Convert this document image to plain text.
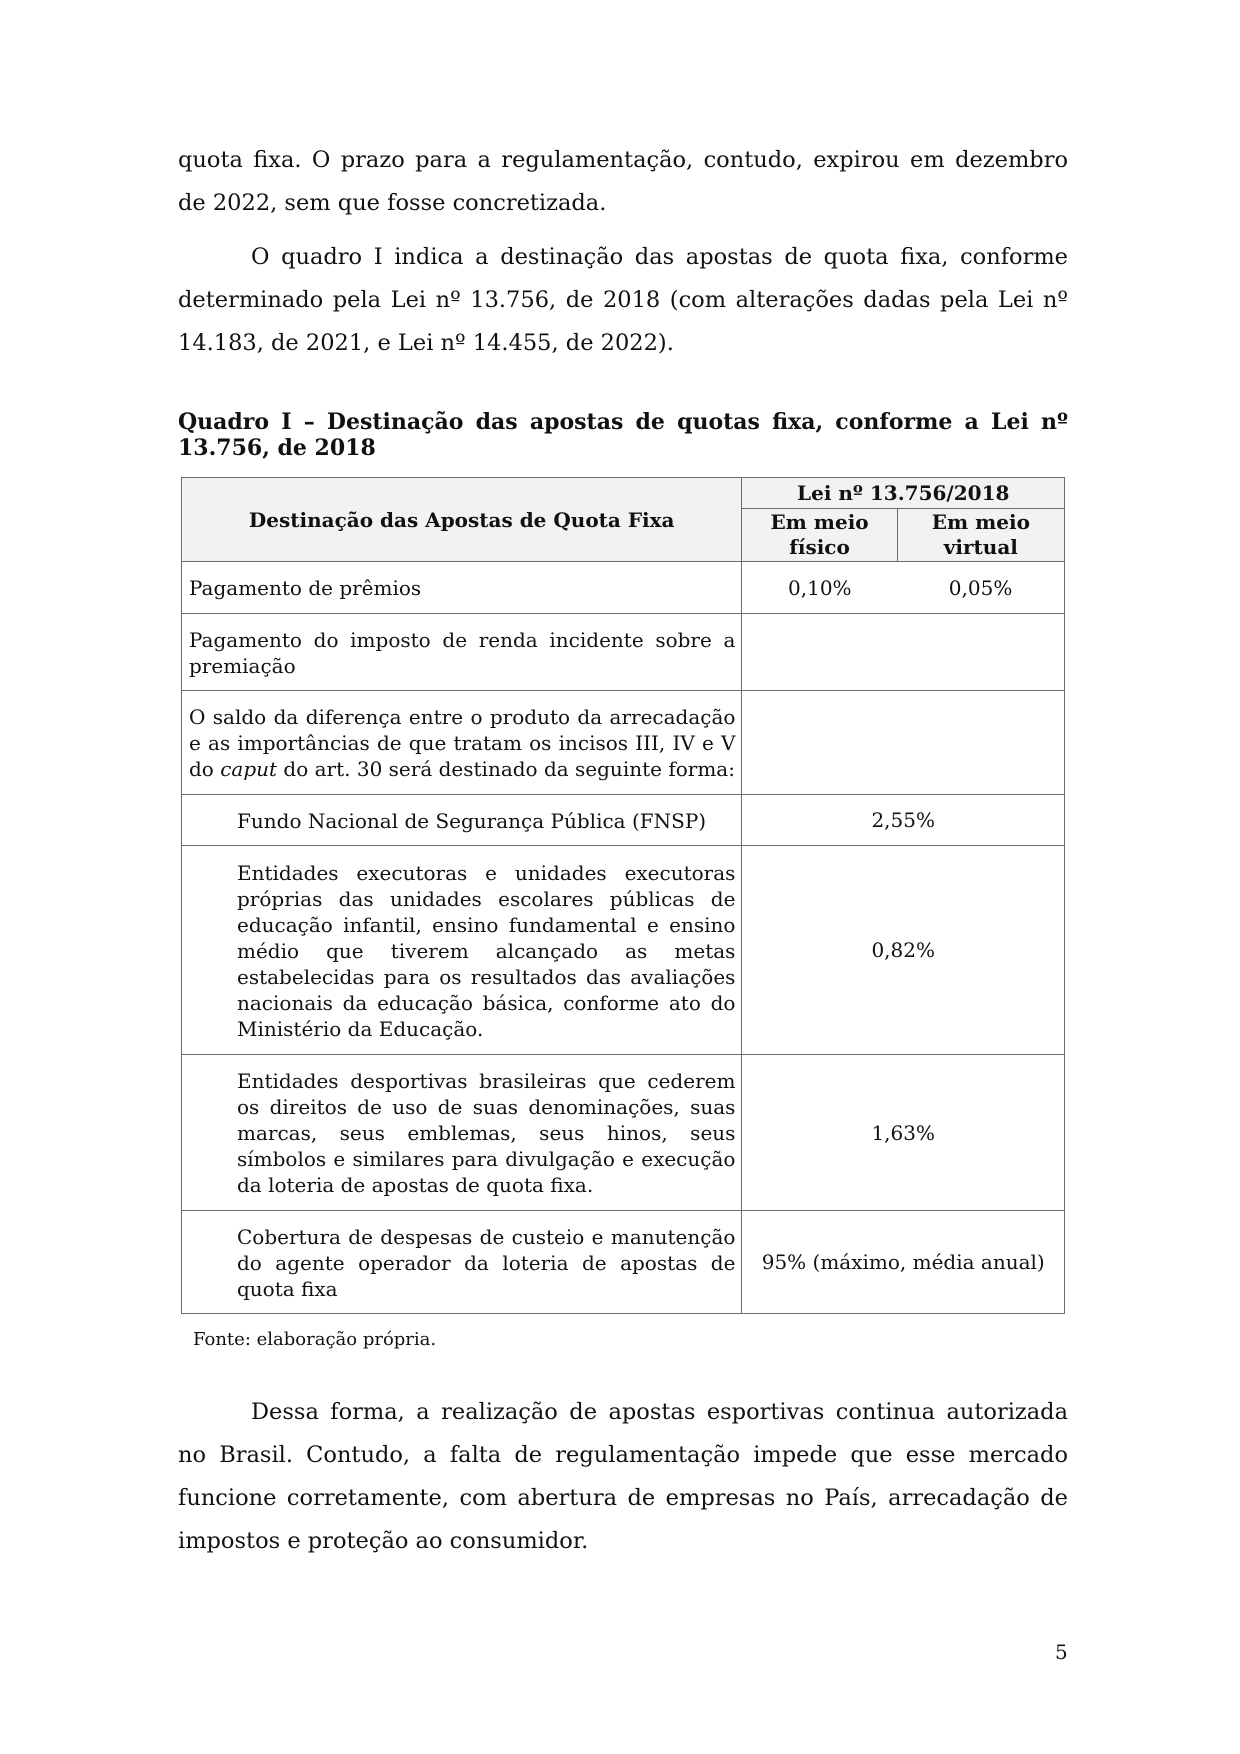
quota fixa. O prazo para a regulamentação, contudo, expirou em dezembro de 2022, sem que fosse concretizada.

O quadro I indica a destinação das apostas de quota fixa, conforme determinado pela Lei nº 13.756, de 2018 (com alterações dadas pela Lei nº 14.183, de 2021, e Lei nº 14.455, de 2022).

Quadro I – Destinação das apostas de quotas fixa, conforme a Lei nº 13.756, de 2018

Destinação das Apostas de Quota Fixa	Lei nº 13.756/2018	
	Em meio físico	Em meio virtual
Pagamento de prêmios	0,10%	0,05%
Pagamento do imposto de renda incidente sobre a premiação		
O saldo da diferença entre o produto da arrecadação e as importâncias de que tratam os incisos III, IV e V do caput do art. 30 será destinado da seguinte forma:		
Fundo Nacional de Segurança Pública (FNSP)	2,55%	
Entidades executoras e unidades executoras próprias das unidades escolares públicas de educação infantil, ensino fundamental e ensino médio que tiverem alcançado as metas estabelecidas para os resultados das avaliações nacionais da educação básica, conforme ato do Ministério da Educação.	0,82%	
Entidades desportivas brasileiras que cederem os direitos de uso de suas denominações, suas marcas, seus emblemas, seus hinos, seus símbolos e similares para divulgação e execução da loteria de apostas de quota fixa.	1,63%	
Cobertura de despesas de custeio e manutenção do agente operador da loteria de apostas de quota fixa	95% (máximo, média anual)	

Fonte: elaboração própria.

Dessa forma, a realização de apostas esportivas continua autorizada no Brasil. Contudo, a falta de regulamentação impede que esse mercado funcione corretamente, com abertura de empresas no País, arrecadação de impostos e proteção ao consumidor.

5
